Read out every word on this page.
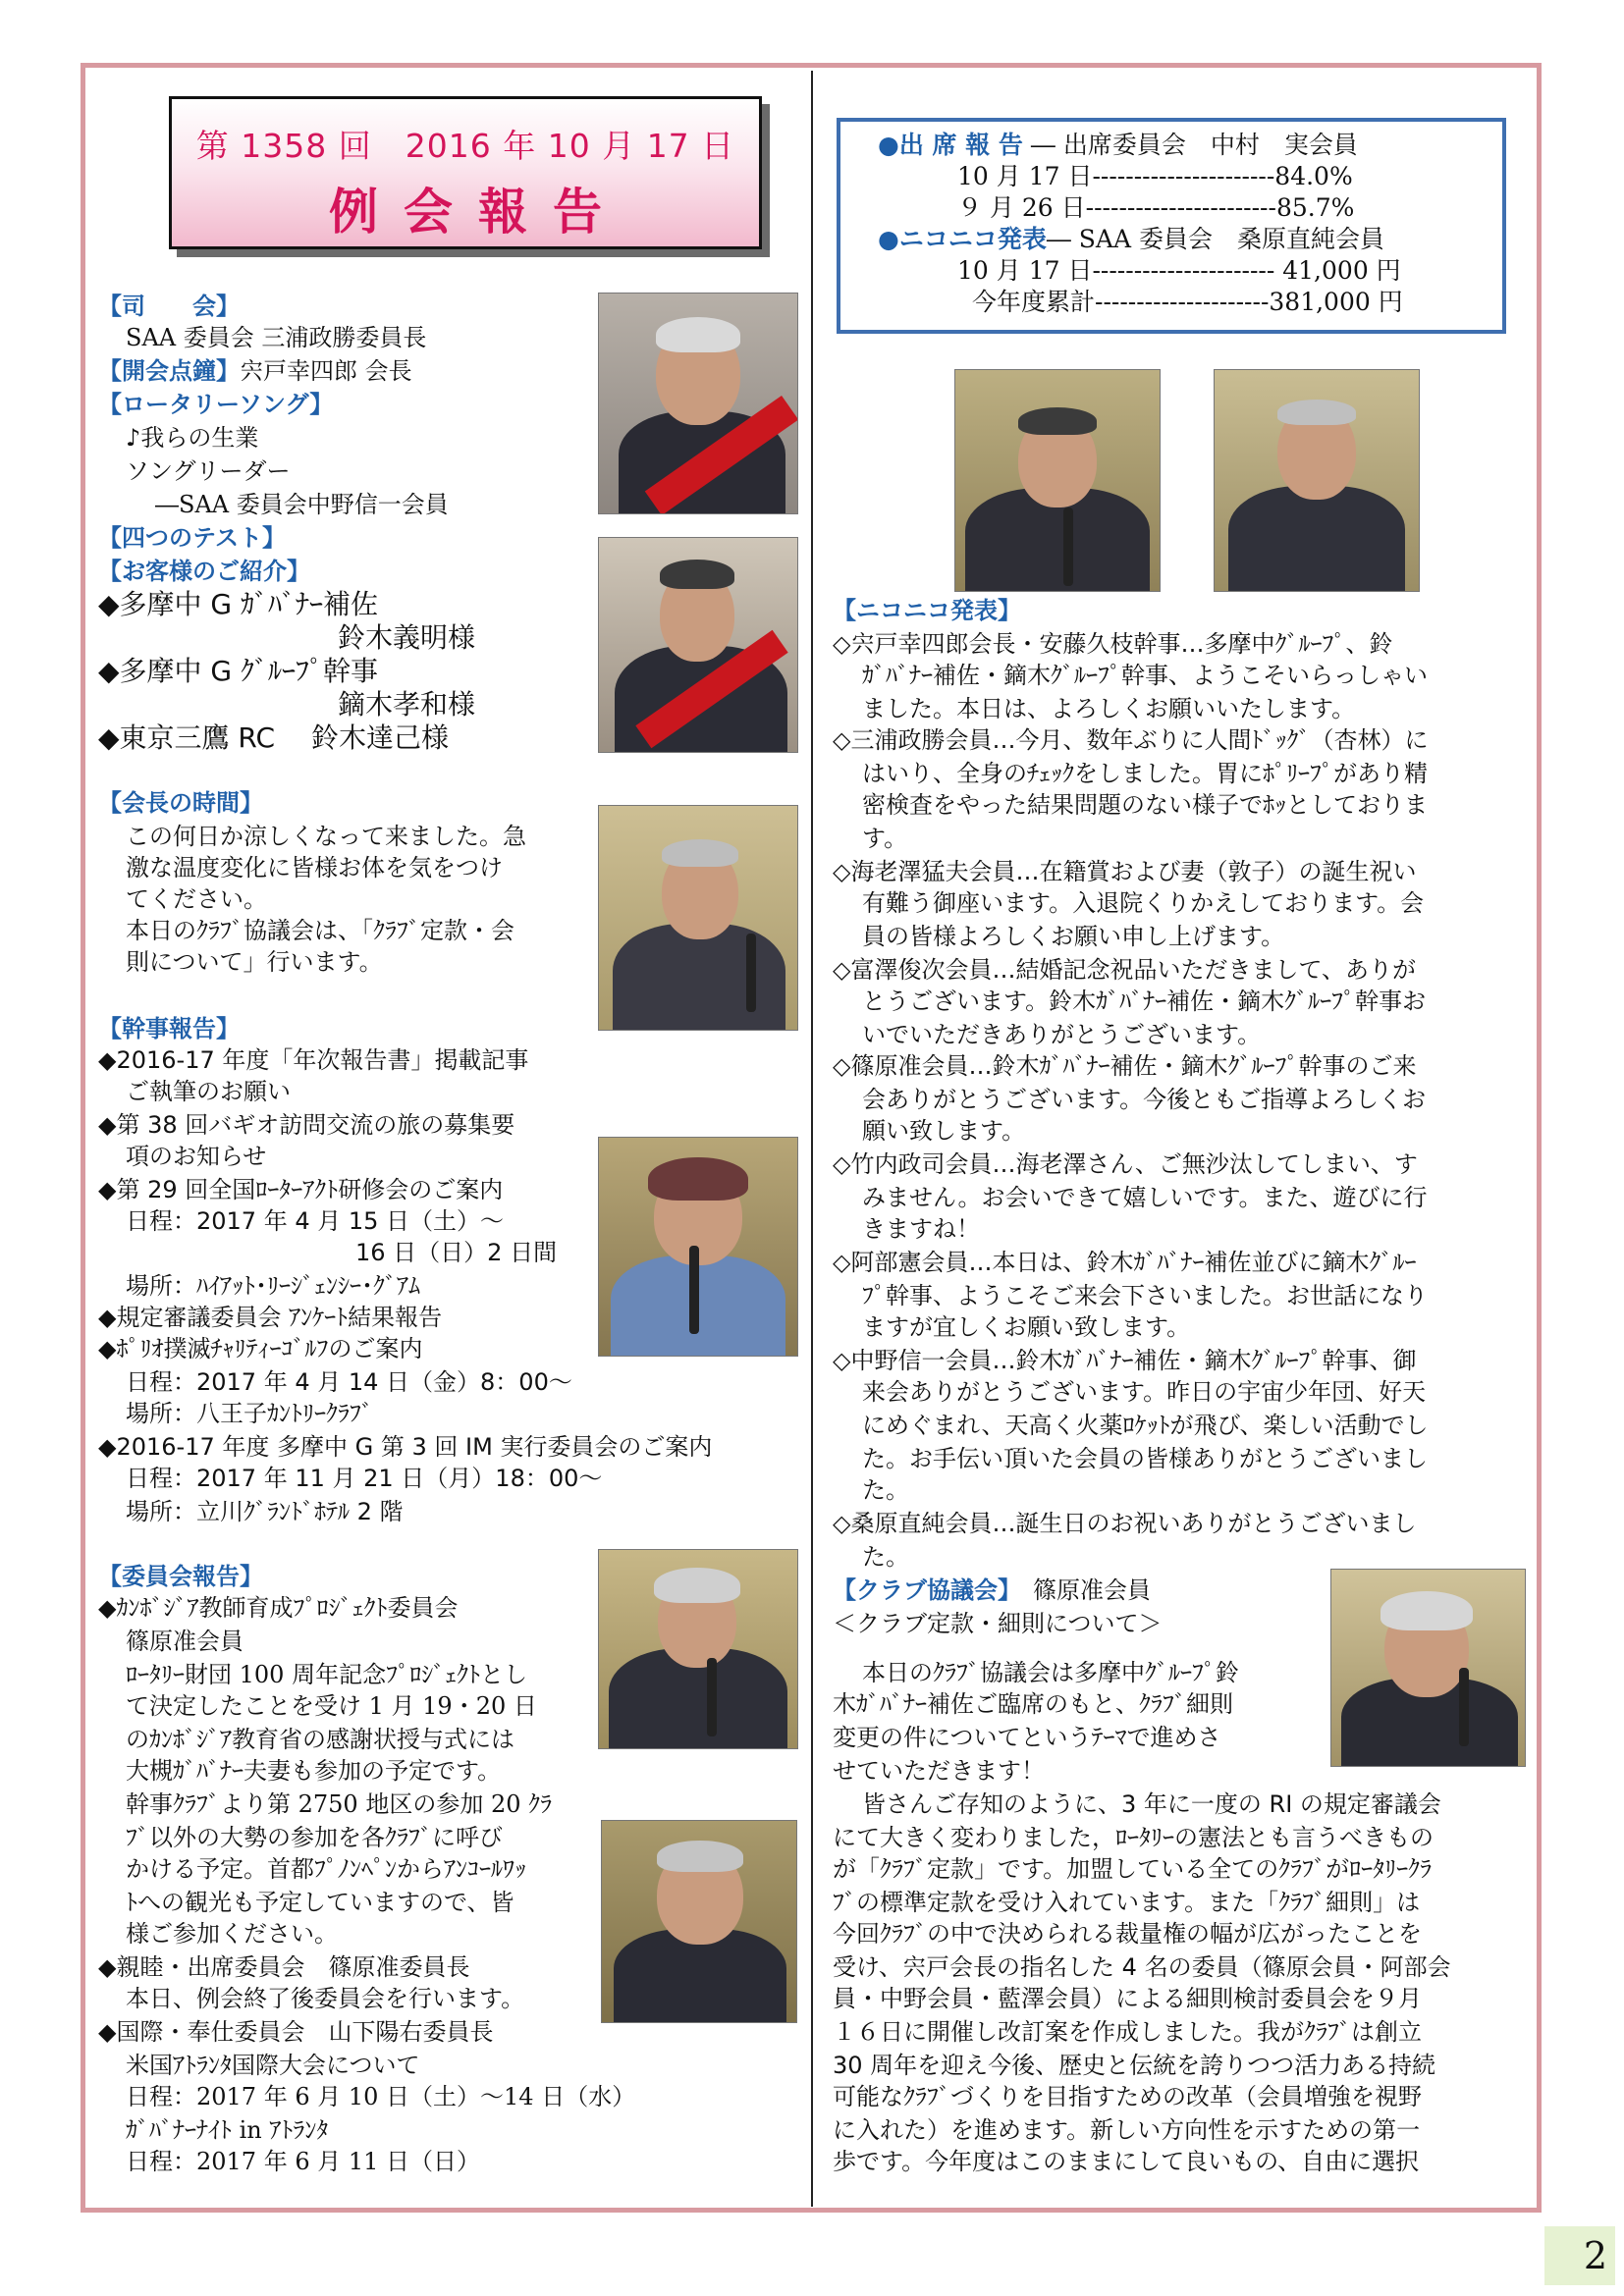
第 1358 回　2016 年 10 月 17 日
例会報告
●出 席 報 告 ― 出席委員会　中村　実会員
10 月 17 日----------------------84.0%
９ 月 26 日-----------------------85.7%
●ニコニコ発表― SAA 委員会　桑原直純会員
10 月 17 日---------------------- 41,000 円
今年度累計---------------------381,000 円
【司　　会】
SAA 委員会 三浦政勝委員長
【開会点鐘】宍戸幸四郎 会長
【ロータリーソング】
♪我らの生業
ソングリーダー
―SAA 委員会中野信一会員
【四つのテスト】
【お客様のご紹介】
◆多摩中 G ｶﾞﾊﾞﾅｰ補佐
鈴木義明様
◆多摩中 G ｸﾞﾙｰﾌﾟ幹事
鏑木孝和様
◆東京三鷹 RC　 鈴木達己様
【会長の時間】
この何日か涼しくなって来ました。急
激な温度変化に皆様お体を気をつけ
てください。
本日のｸﾗﾌﾞ協議会は、「ｸﾗﾌﾞ定款・会
則について」行います。
【幹事報告】
◆2016-17 年度「年次報告書」掲載記事
ご執筆のお願い
◆第 38 回バギオ訪問交流の旅の募集要
項のお知らせ
◆第 29 回全国ﾛｰﾀｰｱｸﾄ研修会のご案内
日程：2017 年 4 月 15 日（土）～
16 日（日）2 日間
場所：ﾊｲｱｯﾄ･ﾘｰｼﾞｪﾝｼｰ･ｸﾞｱﾑ
◆規定審議委員会 ｱﾝｹｰﾄ結果報告
◆ﾎﾟﾘｵ撲滅ﾁｬﾘﾃｨｰｺﾞﾙﾌのご案内
日程：2017 年 4 月 14 日（金）8：00～
場所：八王子ｶﾝﾄﾘｰｸﾗﾌﾞ
◆2016-17 年度 多摩中 G 第 3 回 IM 実行委員会のご案内
日程：2017 年 11 月 21 日（月）18：00～
場所：立川ｸﾞﾗﾝﾄﾞﾎﾃﾙ 2 階
【委員会報告】
◆ｶﾝﾎﾞｼﾞｱ教師育成ﾌﾟﾛｼﾞｪｸﾄ委員会
篠原准会員
ﾛｰﾀﾘｰ財団 100 周年記念ﾌﾟﾛｼﾞｪｸﾄとし
て決定したことを受け 1 月 19・20 日
のｶﾝﾎﾞｼﾞｱ教育省の感謝状授与式には
大槻ｶﾞﾊﾞﾅｰ夫妻も参加の予定です。
幹事ｸﾗﾌﾞより第 2750 地区の参加 20 ｸﾗ
ﾌﾞ以外の大勢の参加を各ｸﾗﾌﾞに呼び
かける予定。首都ﾌﾟﾉﾝﾍﾟﾝからｱﾝｺｰﾙﾜｯ
ﾄへの観光も予定していますので、皆
様ご参加ください。
◆親睦・出席委員会　篠原准委員長
本日、例会終了後委員会を行います。
◆国際・奉仕委員会　山下陽右委員長
米国ｱﾄﾗﾝﾀ国際大会について
日程：2017 年 6 月 10 日（土）～14 日（水）
ｶﾞﾊﾞﾅｰﾅｲﾄ in ｱﾄﾗﾝﾀ
日程：2017 年 6 月 11 日（日）
【ニコニコ発表】
◇宍戸幸四郎会長・安藤久枝幹事…多摩中ｸﾞﾙｰﾌﾟ、鈴
ｶﾞﾊﾞﾅｰ補佐・鏑木ｸﾞﾙｰﾌﾟ幹事、ようこそいらっしゃい
ました。本日は、よろしくお願いいたします。
◇三浦政勝会員…今月、数年ぶりに人間ﾄﾞｯｸﾞ（杏林）に
はいり、全身のﾁｪｯｸをしました。胃にﾎﾟﾘｰﾌﾟがあり精
密検査をやった結果問題のない様子でﾎｯとしておりま
す。
◇海老澤猛夫会員…在籍賞および妻（敦子）の誕生祝い
有難う御座います。入退院くりかえしております。会
員の皆様よろしくお願い申し上げます。
◇富澤俊次会員…結婚記念祝品いただきまして、ありが
とうございます。鈴木ｶﾞﾊﾞﾅｰ補佐・鏑木ｸﾞﾙｰﾌﾟ幹事お
いでいただきありがとうございます。
◇篠原准会員…鈴木ｶﾞﾊﾞﾅｰ補佐・鏑木ｸﾞﾙｰﾌﾟ幹事のご来
会ありがとうございます。今後ともご指導よろしくお
願い致します。
◇竹内政司会員…海老澤さん、ご無沙汰してしまい、す
みません。お会いできて嬉しいです。また、遊びに行
きますね！
◇阿部憲会員…本日は、鈴木ｶﾞﾊﾞﾅｰ補佐並びに鏑木ｸﾞﾙｰ
ﾌﾟ幹事、ようこそご来会下さいました。お世話になり
ますが宜しくお願い致します。
◇中野信一会員…鈴木ｶﾞﾊﾞﾅｰ補佐・鏑木ｸﾞﾙｰﾌﾟ幹事、御
来会ありがとうございます。昨日の宇宙少年団、好天
にめぐまれ、天高く火薬ﾛｹｯﾄが飛び、楽しい活動でし
た。お手伝い頂いた会員の皆様ありがとうございまし
た。
◇桑原直純会員…誕生日のお祝いありがとうございまし
た。
【クラブ協議会】　篠原准会員
＜クラブ定款・細則について＞
本日のｸﾗﾌﾞ協議会は多摩中ｸﾞﾙｰﾌﾟ鈴
木ｶﾞﾊﾞﾅｰ補佐ご臨席のもと、ｸﾗﾌﾞ細則
変更の件についてというﾃｰﾏで進めさ
せていただきます！
皆さんご存知のように、3 年に一度の RI の規定審議会
にて大きく変わりました，ﾛｰﾀﾘｰの憲法とも言うべきもの
が「ｸﾗﾌﾞ定款」です。加盟している全てのｸﾗﾌﾞがﾛｰﾀﾘｰｸﾗ
ﾌﾞの標準定款を受け入れています。また「ｸﾗﾌﾞ細則」は
今回ｸﾗﾌﾞの中で決められる裁量権の幅が広がったことを
受け、宍戸会長の指名した 4 名の委員（篠原会員・阿部会
員・中野会員・藍澤会員）による細則検討委員会を９月
１６日に開催し改訂案を作成しました。我がｸﾗﾌﾞは創立
30 周年を迎え今後、歴史と伝統を誇りつつ活力ある持続
可能なｸﾗﾌﾞづくりを目指すための改革（会員増強を視野
に入れた）を進めます。新しい方向性を示すための第一
歩です。今年度はこのままにして良いもの、自由に選択
2
